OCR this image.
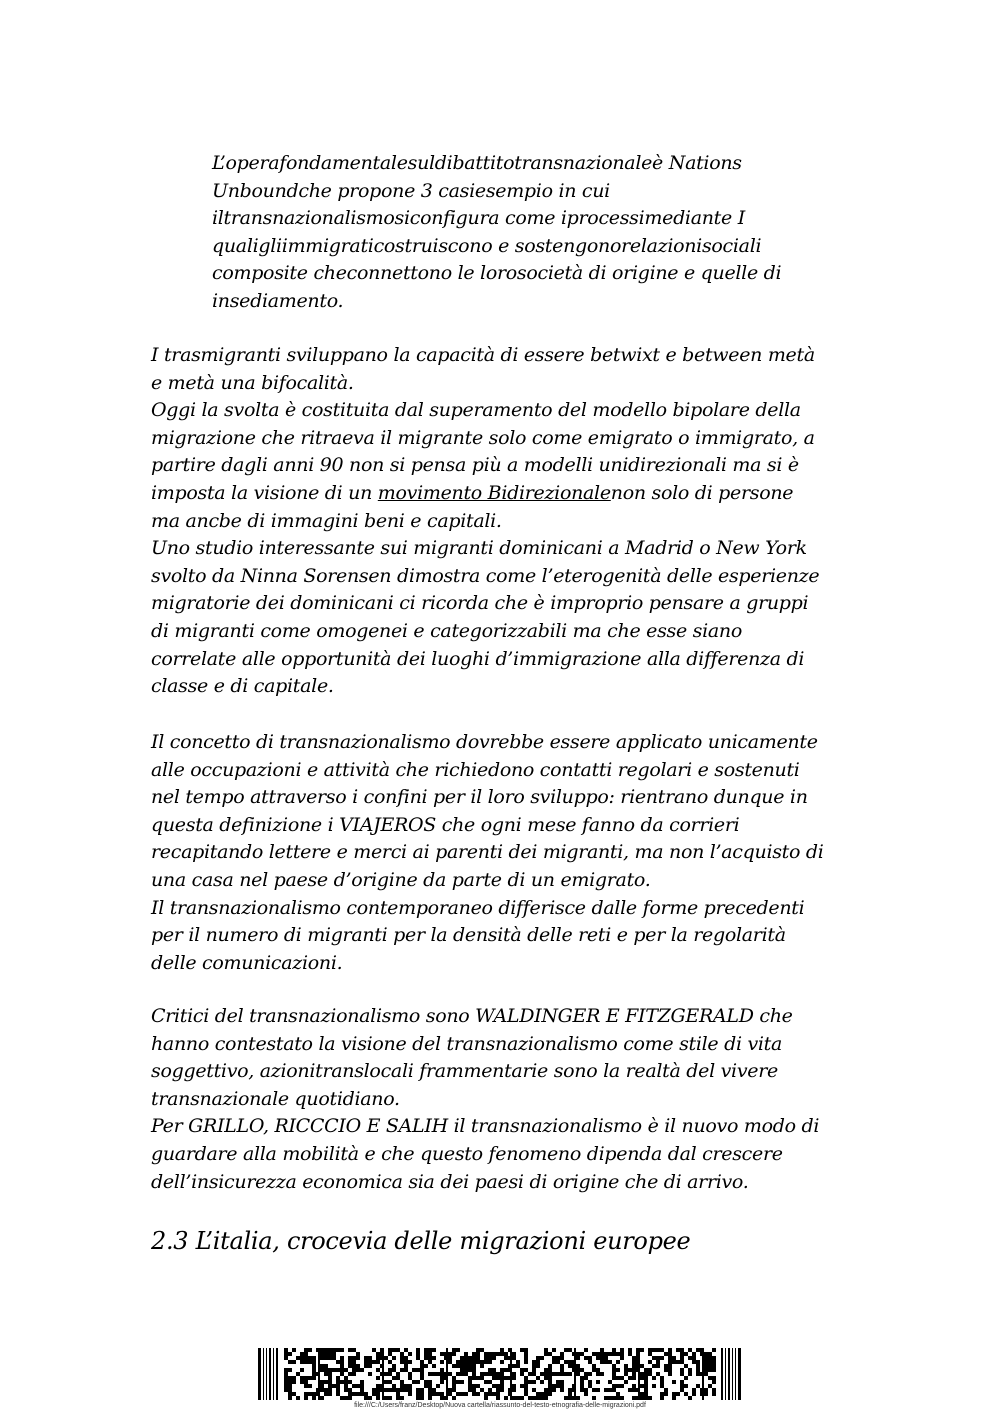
L’operafondamentalesuldibattitotransnazionaleè Nations
Unboundche propone 3 casiesempio in cui
iltransnazionalismosiconfigura come iprocessimediante I
qualigliimmigraticostruiscono e sostengonorelazionisociali
composite checonnettono le lorosocietà di origine e quelle di
insediamento.
I trasmigranti sviluppano la capacità di essere betwixt e between metà
e metà una bifocalità.
Oggi la svolta è costituita dal superamento del modello bipolare della
migrazione che ritraeva il migrante solo come emigrato o immigrato, a
partire dagli anni 90 non si pensa più a modelli unidirezionali ma si è
imposta la visione di un movimento Bidirezionalenon solo di persone
ma ancbe di immagini beni e capitali.
Uno studio interessante sui migranti dominicani a Madrid o New York
svolto da Ninna Sorensen dimostra come l’eterogenità delle esperienze
migratorie dei dominicani ci ricorda che è improprio pensare a gruppi
di migranti come omogenei e categorizzabili ma che esse siano
correlate alle opportunità dei luoghi d’immigrazione alla differenza di
classe e di capitale.
Il concetto di transnazionalismo dovrebbe essere applicato unicamente
alle occupazioni e attività che richiedono contatti regolari e sostenuti
nel tempo attraverso i confini per il loro sviluppo: rientrano dunque in
questa definizione i VIAJEROS che ogni mese fanno da corrieri
recapitando lettere e merci ai parenti dei migranti, ma non l’acquisto di
una casa nel paese d’origine da parte di un emigrato.
Il transnazionalismo contemporaneo differisce dalle forme precedenti
per il numero di migranti per la densità delle reti e per la regolarità
delle comunicazioni.
Critici del transnazionalismo sono WALDINGER E FITZGERALD che
hanno contestato la visione del transnazionalismo come stile di vita
soggettivo, azionitranslocali frammentarie sono la realtà del vivere
transnazionale quotidiano.
Per GRILLO, RICCCIO E SALIH il transnazionalismo è il nuovo modo di
guardare alla mobilità e che questo fenomeno dipenda dal crescere
dell’insicurezza economica sia dei paesi di origine che di arrivo.
2.3 L’italia, crocevia delle migrazioni europee
file:///C:/Users/franz/Desktop/Nuova cartella/riassunto-del-testo-etnografia-delle-migrazioni.pdf
